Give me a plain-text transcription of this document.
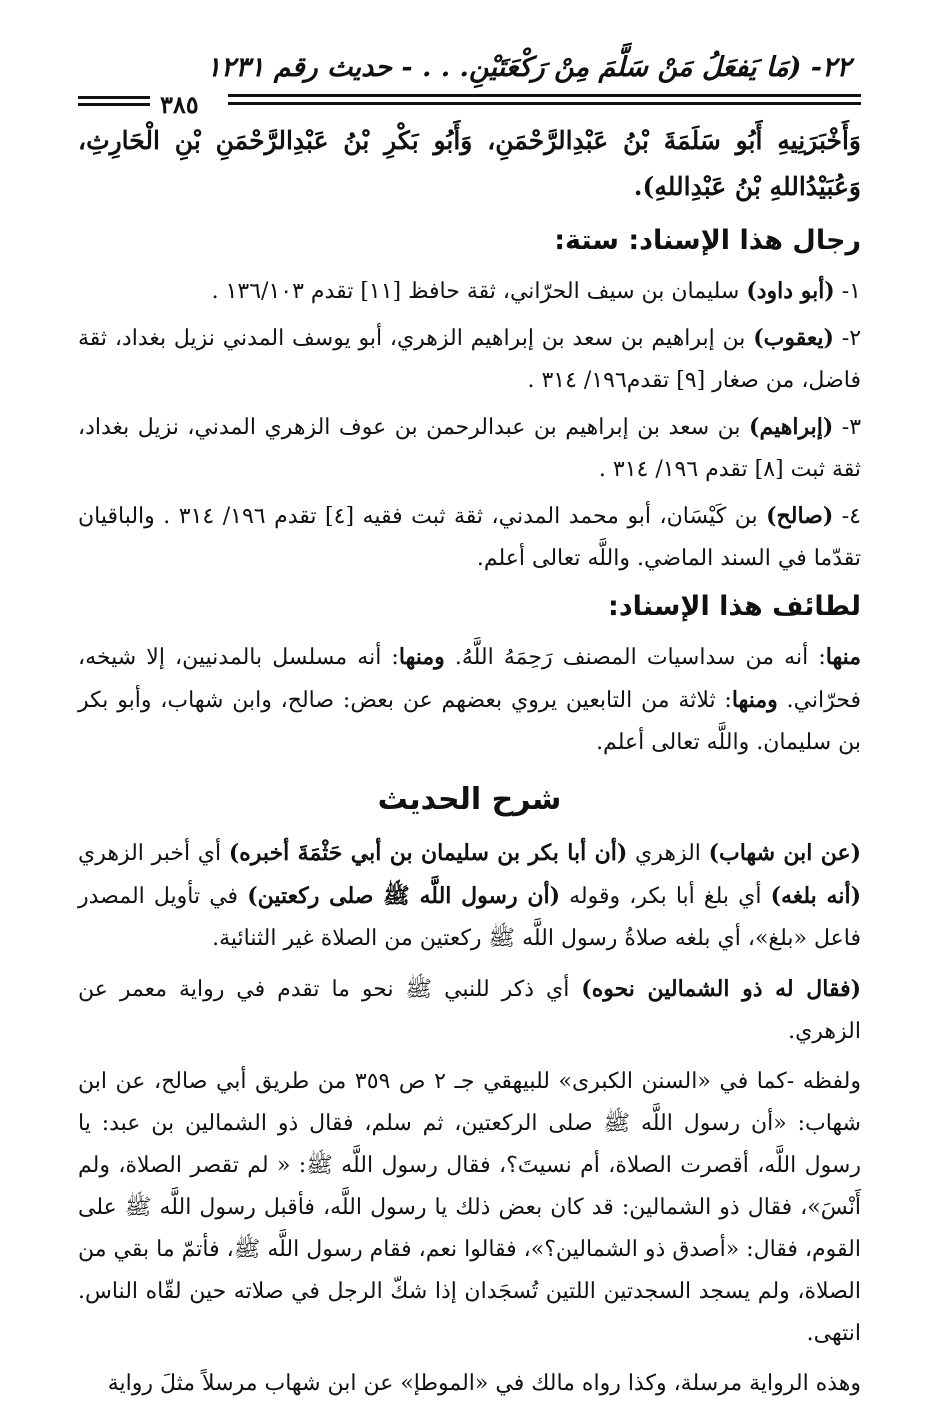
٢٢- (مَا يَفعَلُ مَنْ سَلَّمَ مِنْ رَكْعَتَيْنِ. . . - حديث رقم ١٢٣١
٣٨٥

وَأَخْبَرَنِيهِ أَبُو سَلَمَةَ بْنُ عَبْدِالرَّحْمَنِ، وَأَبُو بَكْرِ بْنُ عَبْدِالرَّحْمَنِ بْنِ الْحَارِثِ، وَعُبَيْدُاللهِ بْنُ عَبْدِاللهِ).

رجال هذا الإسناد: ستة:

١- (أبو داود) سليمان بن سيف الحرّاني، ثقة حافظ [١١] تقدم ١٣٦/١٠٣ .

٢- (يعقوب) بن إبراهيم بن سعد بن إبراهيم الزهري، أبو يوسف المدني نزيل بغداد، ثقة فاضل، من صغار [٩] تقدم١٩٦/ ٣١٤ .

٣- (إبراهيم) بن سعد بن إبراهيم بن عبدالرحمن بن عوف الزهري المدني، نزيل بغداد، ثقة ثبت [٨] تقدم ١٩٦/ ٣١٤ .

٤- (صالح) بن كَيْسَان، أبو محمد المدني، ثقة ثبت فقيه [٤] تقدم ١٩٦/ ٣١٤ . والباقيان تقدّما في السند الماضي. واللَّه تعالى أعلم.

لطائف هذا الإسناد:

منها: أنه من سداسيات المصنف رَحِمَهُ اللَّهُ. ومنها: أنه مسلسل بالمدنيين، إلا شيخه، فحرّاني. ومنها: ثلاثة من التابعين يروي بعضهم عن بعض: صالح، وابن شهاب، وأبو بكر بن سليمان. واللَّه تعالى أعلم.

شرح الحديث

(عن ابن شهاب) الزهري (أن أبا بكر بن سليمان بن أبي حَثْمَةَ أخبره) أي أخبر الزهري (أنه بلغه) أي بلغ أبا بكر، وقوله (أن رسول اللَّه ﷺ صلى ركعتين) في تأويل المصدر فاعل «بلغ»، أي بلغه صلاةُ رسول اللَّه ﷺ ركعتين من الصلاة غير الثنائية.

(فقال له ذو الشمالين نحوه) أي ذكر للنبي ﷺ نحو ما تقدم في رواية معمر عن الزهري.

ولفظه -كما في «السنن الكبرى» للبيهقي جـ ٢ ص ٣٥٩ من طريق أبي صالح، عن ابن شهاب: «أن رسول اللَّه ﷺ صلى الركعتين، ثم سلم، فقال ذو الشمالين بن عبد: يا رسول اللَّه، أقصرت الصلاة، أم نسيتَ؟، فقال رسول اللَّه ﷺ: « لم تقصر الصلاة، ولم أَنْسَ»، فقال ذو الشمالين: قد كان بعض ذلك يا رسول اللَّه، فأقبل رسول اللَّه ﷺ على القوم، فقال: «أصدق ذو الشمالين؟»، فقالوا نعم، فقام رسول اللَّه ﷺ، فأتمّ ما بقي من الصلاة، ولم يسجد السجدتين اللتين تُسجَدان إذا شكّ الرجل في صلاته حين لقّاه الناس. انتهى.

وهذه الرواية مرسلة، وكذا رواه مالك في «الموطإ» عن ابن شهاب مرسلاً مثلَ رواية
